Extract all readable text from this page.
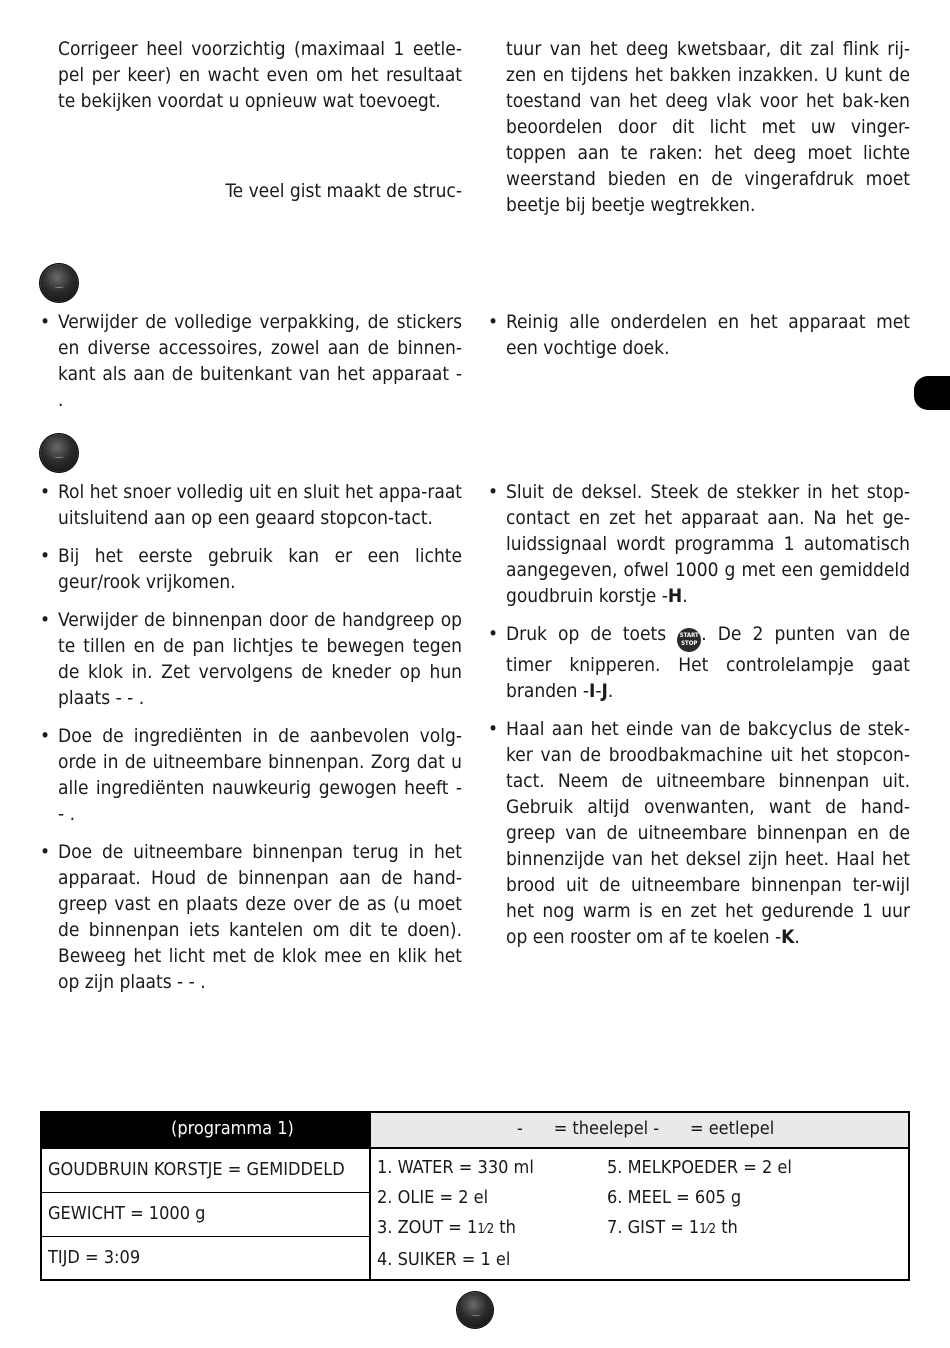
Corrigeer heel voorzichtig (maximaal 1 eetle-pel per keer) en wacht even om het resultaat te bekijken voordat u opnieuw wat toevoegt.

Te veel gist maakt de struc-

tuur van het deeg kwetsbaar, dit zal flink rij-zen en tijdens het bakken inzakken. U kunt de toestand van het deeg vlak voor het bak-ken beoordelen door dit licht met uw vinger-toppen aan te raken: het deeg moet lichte weerstand bieden en de vingerafdruk moet beetje bij beetje wegtrekken.

• Verwijder de volledige verpakking, de stickers en diverse accessoires, zowel aan de binnen-kant als aan de buitenkant van het apparaat - .

• Reinig alle onderdelen en het apparaat met een vochtige doek.

• Rol het snoer volledig uit en sluit het appa-raat uitsluitend aan op een geaard stopcon-tact.

• Bij het eerste gebruik kan er een lichte geur/rook vrijkomen.

• Verwijder de binnenpan door de handgreep op te tillen en de pan lichtjes te bewegen tegen de klok in. Zet vervolgens de kneder op hun plaats - - .

• Doe de ingrediënten in de aanbevolen volg-orde in de uitneembare binnenpan. Zorg dat u alle ingrediënten nauwkeurig gewogen heeft - - .

• Doe de uitneembare binnenpan terug in het apparaat. Houd de binnenpan aan de hand-greep vast en plaats deze over de as (u moet de binnenpan iets kantelen om dit te doen). Beweeg het licht met de klok mee en klik het op zijn plaats - - .

• Sluit de deksel. Steek de stekker in het stop-contact en zet het apparaat aan. Na het ge-luidssignaal wordt programma 1 automatisch aangegeven, ofwel 1000 g met een gemiddeld goudbruin korstje -H.

• Druk op de toets START
STOP . De 2 punten van de timer knipperen. Het controlelampje gaat branden -I-J.

• Haal aan het einde van de bakcyclus de stek-ker van de broodbakmachine uit het stopcon-tact. Neem de uitneembare binnenpan uit. Gebruik altijd ovenwanten, want de hand-greep van de uitneembare binnenpan en de binnenzijde van het deksel zijn heet. Haal het brood uit de uitneembare binnenpan ter-wijl het nog warm is en zet het gedurende 1 uur op een rooster om af te koelen -K.

(programma 1)	-      = theelepel -      = eetlepel
GOUDBRUIN KORSTJE = GEMIDDELD
GEWICHT = 1000 g
TIJD = 3:09
1. WATER = 330 ml
2. OLIE = 2 el
3. ZOUT = 11⁄2 th
4. SUIKER = 1 el
5. MELKPOEDER = 2 el
6. MEEL = 605 g
7. GIST = 11⁄2 th
